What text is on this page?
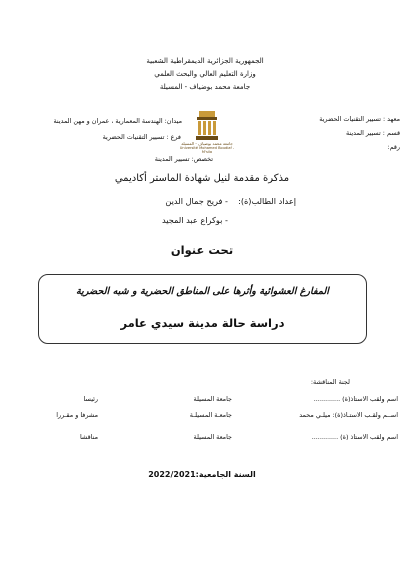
الجمهورية الجزائرية الديمقراطية الشعبية
وزارة التعليم العالي والبحث العلمي
جامعة محمد بوضياف - المسيلة
ميدان: الهندسة المعمارية ، عمران و مهن المدينة
فرع : تسيير التقنيات الحضرية
تخصص: تسيير المدينة
معهد : تسيير التقنيات الحضرية
قسم : تسيير المدينة
رقم:
جامعة محمد بوضياف - المسيلة
Université Mohamed Boudiaf - M'sila
مذكرة مقدمة لنيل شهادة الماستر أكاديمي
إعداد الطالب(ة):
- فريح جمال الدين
- بوكراع عبد المجيد
تحت عنوان
المفارغ العشوائية وأثرها على المناطق الحضرية و شبه الحضرية
دراسة حالة مدينة سيدي عامر
لجنة المناقشة:
اسم ولقب الاستاذ(ة) .............
جامعة المسيلة
رئيسا
اســم ولقـب الاستـاذ(ة): ميلـي محمد
جامعـة المسيلـة
مشرفا و مقـررا
اسم ولقب الاستاذ (ة) .............
جامعة المسيلة
مناقشا
السنة الجامعية:2022/2021
